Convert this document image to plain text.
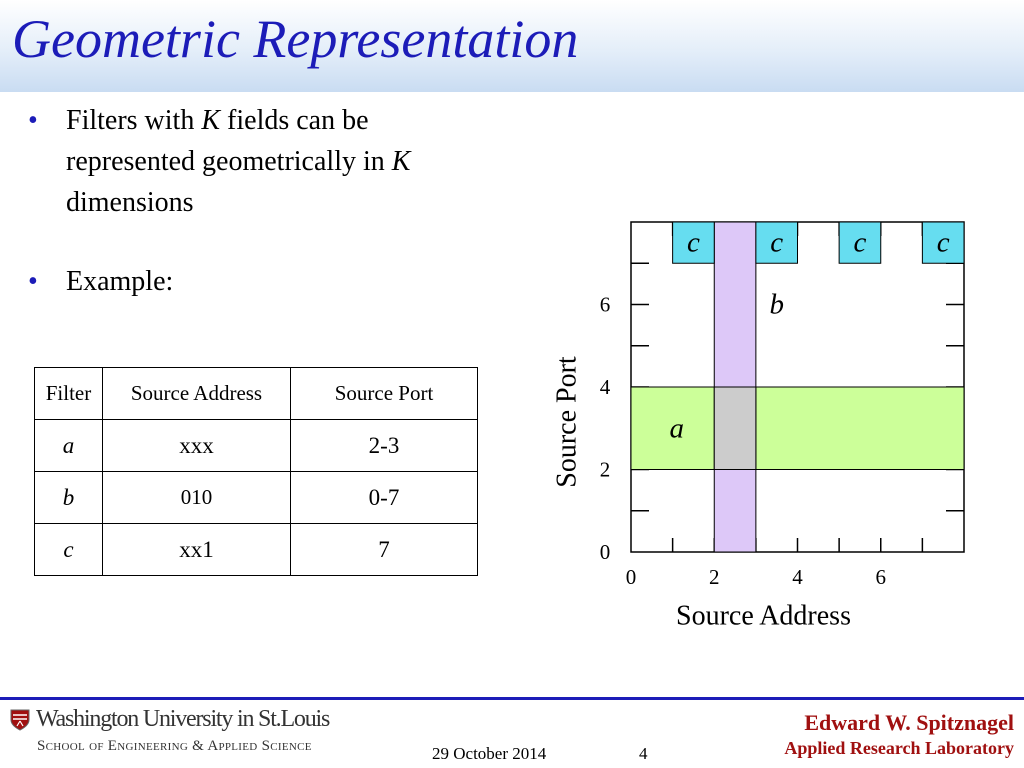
Geometric Representation
• Filters with K fields can be represented geometrically in K dimensions
• Example:
Filter	Source Address	Source Port
a	xxx	2-3
b	010	0-7
c	xx1	7
a
b
c c c c
0	2	4	6
0
2
4
6
Source Address
Source Port
Washington University in St.Louis
School of Engineering & Applied Science	29 October 2014	4
Edward W. Spitznagel
Applied Research Laboratory
